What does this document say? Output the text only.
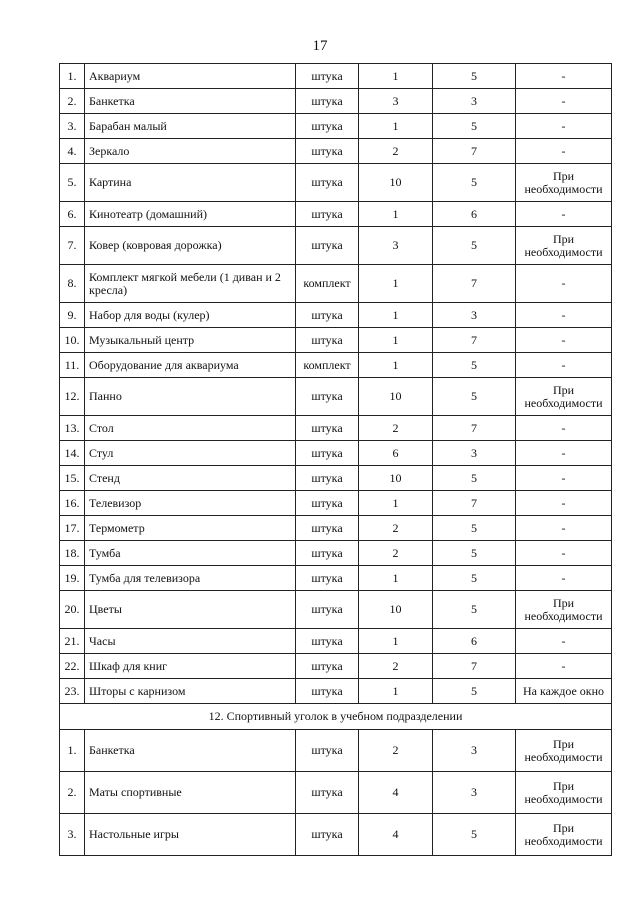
17
1.	Аквариум	штука	1	5	-
2.	Банкетка	штука	3	3	-
3.	Барабан малый	штука	1	5	-
4.	Зеркало	штука	2	7	-
5.	Картина	штука	10	5	При необходимости
6.	Кинотеатр (домашний)	штука	1	6	-
7.	Ковер (ковровая дорожка)	штука	3	5	При необходимости
8.	Комплект мягкой мебели (1 диван и 2 кресла)	комплект	1	7	-
9.	Набор для воды (кулер)	штука	1	3	-
10.	Музыкальный центр	штука	1	7	-
11.	Оборудование для аквариума	комплект	1	5	-
12.	Панно	штука	10	5	При необходимости
13.	Стол	штука	2	7	-
14.	Стул	штука	6	3	-
15.	Стенд	штука	10	5	-
16.	Телевизор	штука	1	7	-
17.	Термометр	штука	2	5	-
18.	Тумба	штука	2	5	-
19.	Тумба для телевизора	штука	1	5	-
20.	Цветы	штука	10	5	При необходимости
21.	Часы	штука	1	6	-
22.	Шкаф для книг	штука	2	7	-
23.	Шторы с карнизом	штука	1	5	На каждое окно
12. Спортивный уголок в учебном подразделении					
1.	Банкетка	штука	2	3	При необходимости
2.	Маты спортивные	штука	4	3	При необходимости
3.	Настольные игры	штука	4	5	При необходимости
